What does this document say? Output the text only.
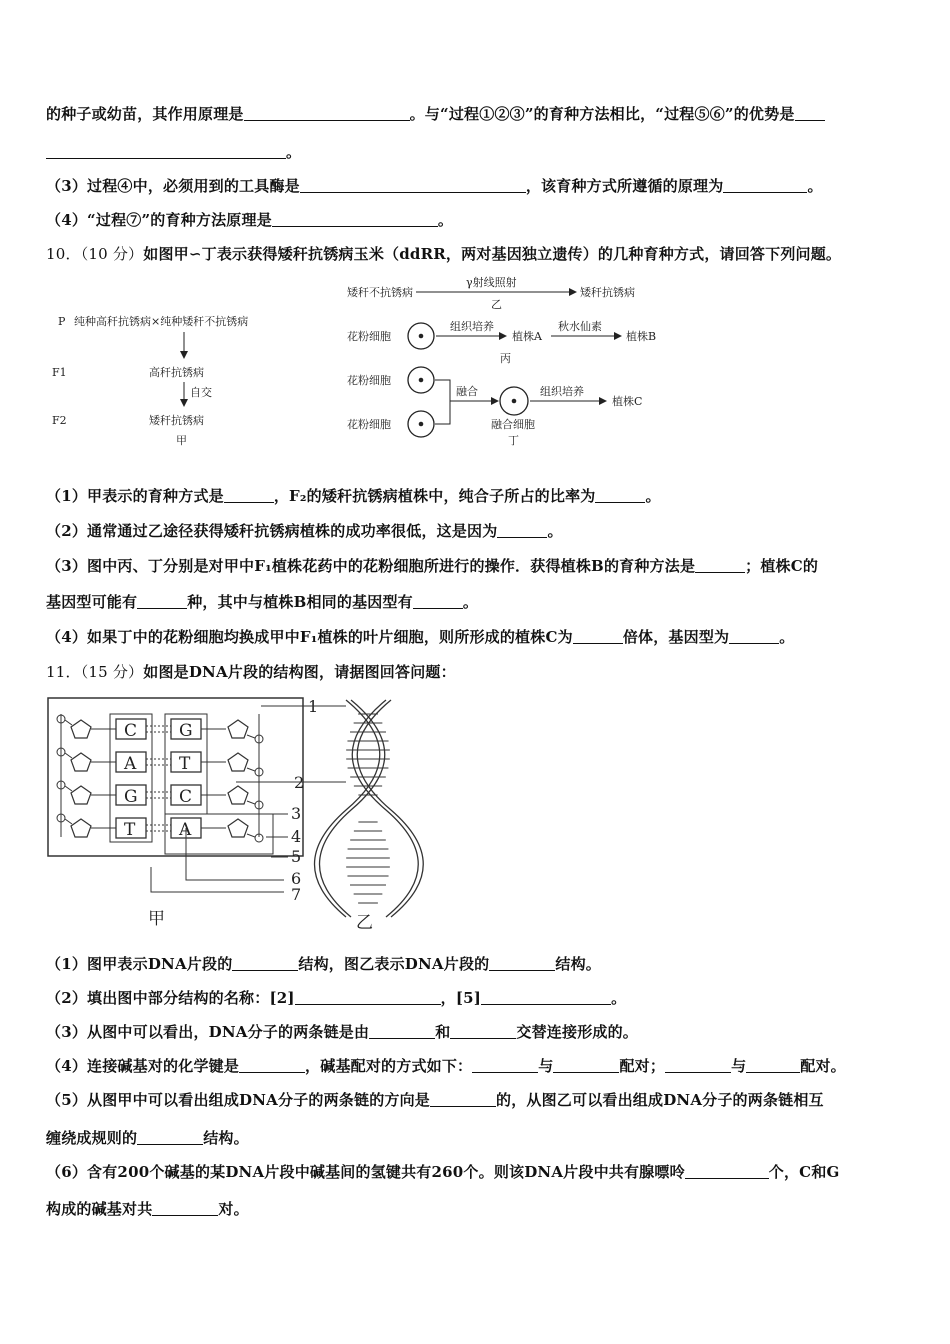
的种子或幼苗，其作用原理是	。与“过程①②③”的育种方法相比，“过程⑤⑥”的优势是
。
（3）过程④中，必须用到的工具酶是	，该育种方式所遵循的原理为	。
（4）“过程⑦”的育种方法原理是	。
10．（10 分）如图甲∽丁表示获得矮秆抗锈病玉米（ddRR，两对基因独立遗传）的几种育种方式，请回答下列问题。
P 纯种高秆抗锈病×纯种矮秆不抗锈病
F1	高秆抗锈病
自交
F2	矮秆抗锈病
甲
矮秆不抗锈病
γ射线照射
矮秆抗锈病
乙
花粉细胞
组织培养
植株A
秋水仙素
植株B
丙
花粉细胞
花粉细胞
融合	组织培养
植株C
融合细胞
丁
（1）甲表示的育种方式是	，F₂的矮秆抗锈病植株中，纯合子所占的比率为	。
（2）通常通过乙途径获得矮秆抗锈病植株的成功率很低，这是因为	。
（3）图中丙、丁分别是对甲中F₁植株花药中的花粉细胞所进行的操作．获得植株B的育种方法是	；植株C的
基因型可能有	种，其中与植株B相同的基因型有	。
（4）如果丁中的花粉细胞均换成甲中F₁植株的叶片细胞，则所形成的植株C为	倍体，基因型为	。
11．（15 分）如图是DNA片段的结构图，请据图回答问题：
C G
A	T
G C
T	A
1
2
3
4
5
6
7
甲	乙
（1）图甲表示DNA片段的	结构，图乙表示DNA片段的	结构。
（2）填出图中部分结构的名称：[2]	，[5]	。
（3）从图中可以看出，DNA分子的两条链是由	和	交替连接形成的。
（4）连接碱基对的化学键是	，碱基配对的方式如下：	与	配对；	与	配对。
（5）从图甲中可以看出组成DNA分子的两条链的方向是	的，从图乙可以看出组成DNA分子的两条链相互
缠绕成规则的	结构。
（6）含有200个碱基的某DNA片段中碱基间的氢键共有260个。则该DNA片段中共有腺嘌呤	个，C和G
构成的碱基对共	对。
